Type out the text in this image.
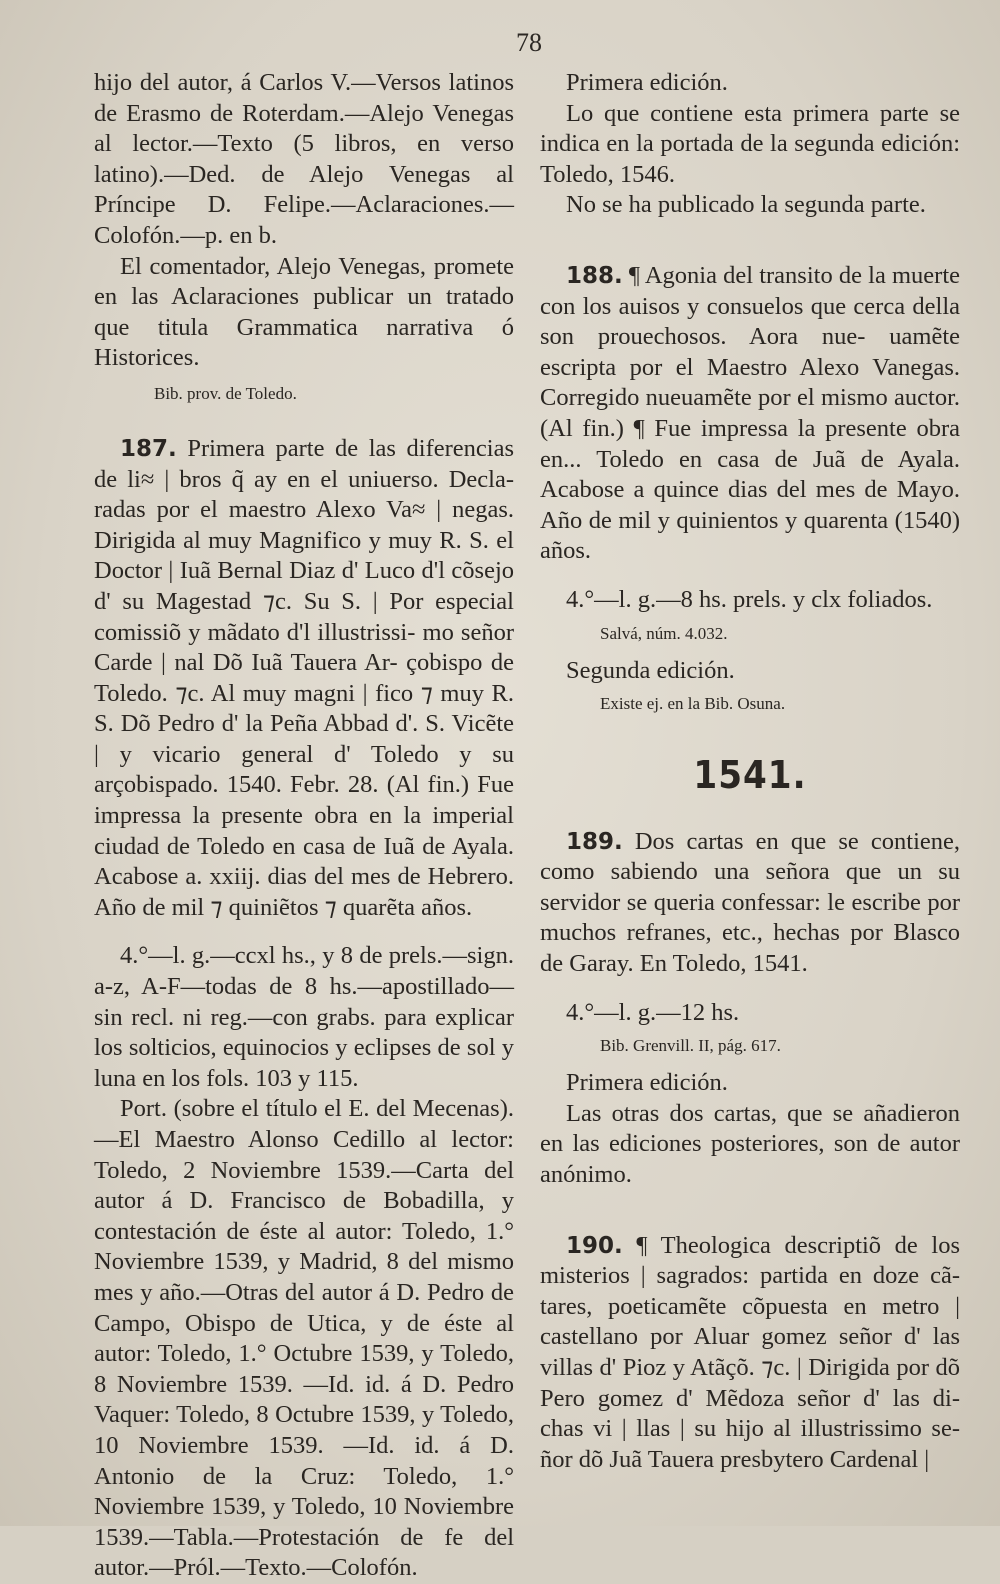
78

hijo del autor, á Carlos V.—Versos latinos de Erasmo de Roterdam.—Alejo Venegas al lector.—Texto (5 libros, en verso latino).—Ded. de Alejo Venegas al Príncipe D. Felipe.—Aclaraciones.—Colofón.—p. en b.

El comentador, Alejo Venegas, promete en las Aclaraciones publicar un tratado que titula Grammatica narrativa ó Historices.

Bib. prov. de Toledo.

187. Primera parte de las diferencias de li≈ | bros q̃ ay en el uniuerso. Decla- radas por el maestro Alexo Va≈ | negas. Dirigida al muy Magnifico y muy R. S. el Doctor | Iuã Bernal Diaz d' Luco d'l cõsejo d' su Magestad ⁊c. Su S. | Por especial comissiõ y mãdato d'l illustrissi- mo señor Carde | nal Dõ Iuã Tauera Ar- çobispo de Toledo. ⁊c. Al muy magni | fico ⁊ muy R. S. Dõ Pedro d' la Peña Abbad d'. S. Vicẽte | y vicario general d' Toledo y su arçobispado. 1540. Febr. 28. (Al fin.) Fue impressa la presente obra en la imperial ciudad de Toledo en casa de Iuã de Ayala. Acabose a. xxiij. dias del mes de Hebrero. Año de mil ⁊ quiniẽtos ⁊ quarẽta años.

4.°—l. g.—ccxl hs., y 8 de prels.—sign. a-z, A-F—todas de 8 hs.—apostillado—sin recl. ni reg.—con grabs. para explicar los solticios, equinocios y eclipses de sol y luna en los fols. 103 y 115.

Port. (sobre el título el E. del Mecenas). —El Maestro Alonso Cedillo al lector: Toledo, 2 Noviembre 1539.—Carta del autor á D. Francisco de Bobadilla, y contestación de éste al autor: Toledo, 1.° Noviembre 1539, y Madrid, 8 del mismo mes y año.—Otras del autor á D. Pedro de Campo, Obispo de Utica, y de éste al autor: Toledo, 1.° Octubre 1539, y Toledo, 8 Noviembre 1539. —Id. id. á D. Pedro Vaquer: Toledo, 8 Octubre 1539, y Toledo, 10 Noviembre 1539. —Id. id. á D. Antonio de la Cruz: Toledo, 1.° Noviembre 1539, y Toledo, 10 Noviembre 1539.—Tabla.—Protestación de fe del autor.—Pról.—Texto.—Colofón.

Primera edición.

Lo que contiene esta primera parte se indica en la portada de la segunda edición: Toledo, 1546.

No se ha publicado la segunda parte.

188. ¶ Agonia del transito de la muerte con los auisos y consuelos que cerca della son prouechosos. Aora nue- uamẽte escripta por el Maestro Alexo Vanegas. Corregido nueuamẽte por el mismo auctor. (Al fin.) ¶ Fue impressa la presente obra en... Toledo en casa de Juã de Ayala. Acabose a quince dias del mes de Mayo. Año de mil y quinientos y quarenta (1540) años.

4.°—l. g.—8 hs. prels. y clx foliados.

Salvá, núm. 4.032.

Segunda edición.

Existe ej. en la Bib. Osuna.

1541.

189. Dos cartas en que se contiene, como sabiendo una señora que un su servidor se queria confessar: le escribe por muchos refranes, etc., hechas por Blasco de Garay. En Toledo, 1541.

4.°—l. g.—12 hs.

Bib. Grenvill. II, pág. 617.

Primera edición.

Las otras dos cartas, que se añadieron en las ediciones posteriores, son de autor anónimo.

190. ¶ Theologica descriptiõ de los misterios | sagrados: partida en doze cã- tares, poeticamẽte cõpuesta en metro | castellano por Aluar gomez señor d' las villas d' Pioz y Atãçõ. ⁊c. | Dirigida por dõ Pero gomez d' Mẽdoza señor d' las di- chas vi | llas | su hijo al illustrissimo se- ñor dõ Juã Tauera presbytero Cardenal |
